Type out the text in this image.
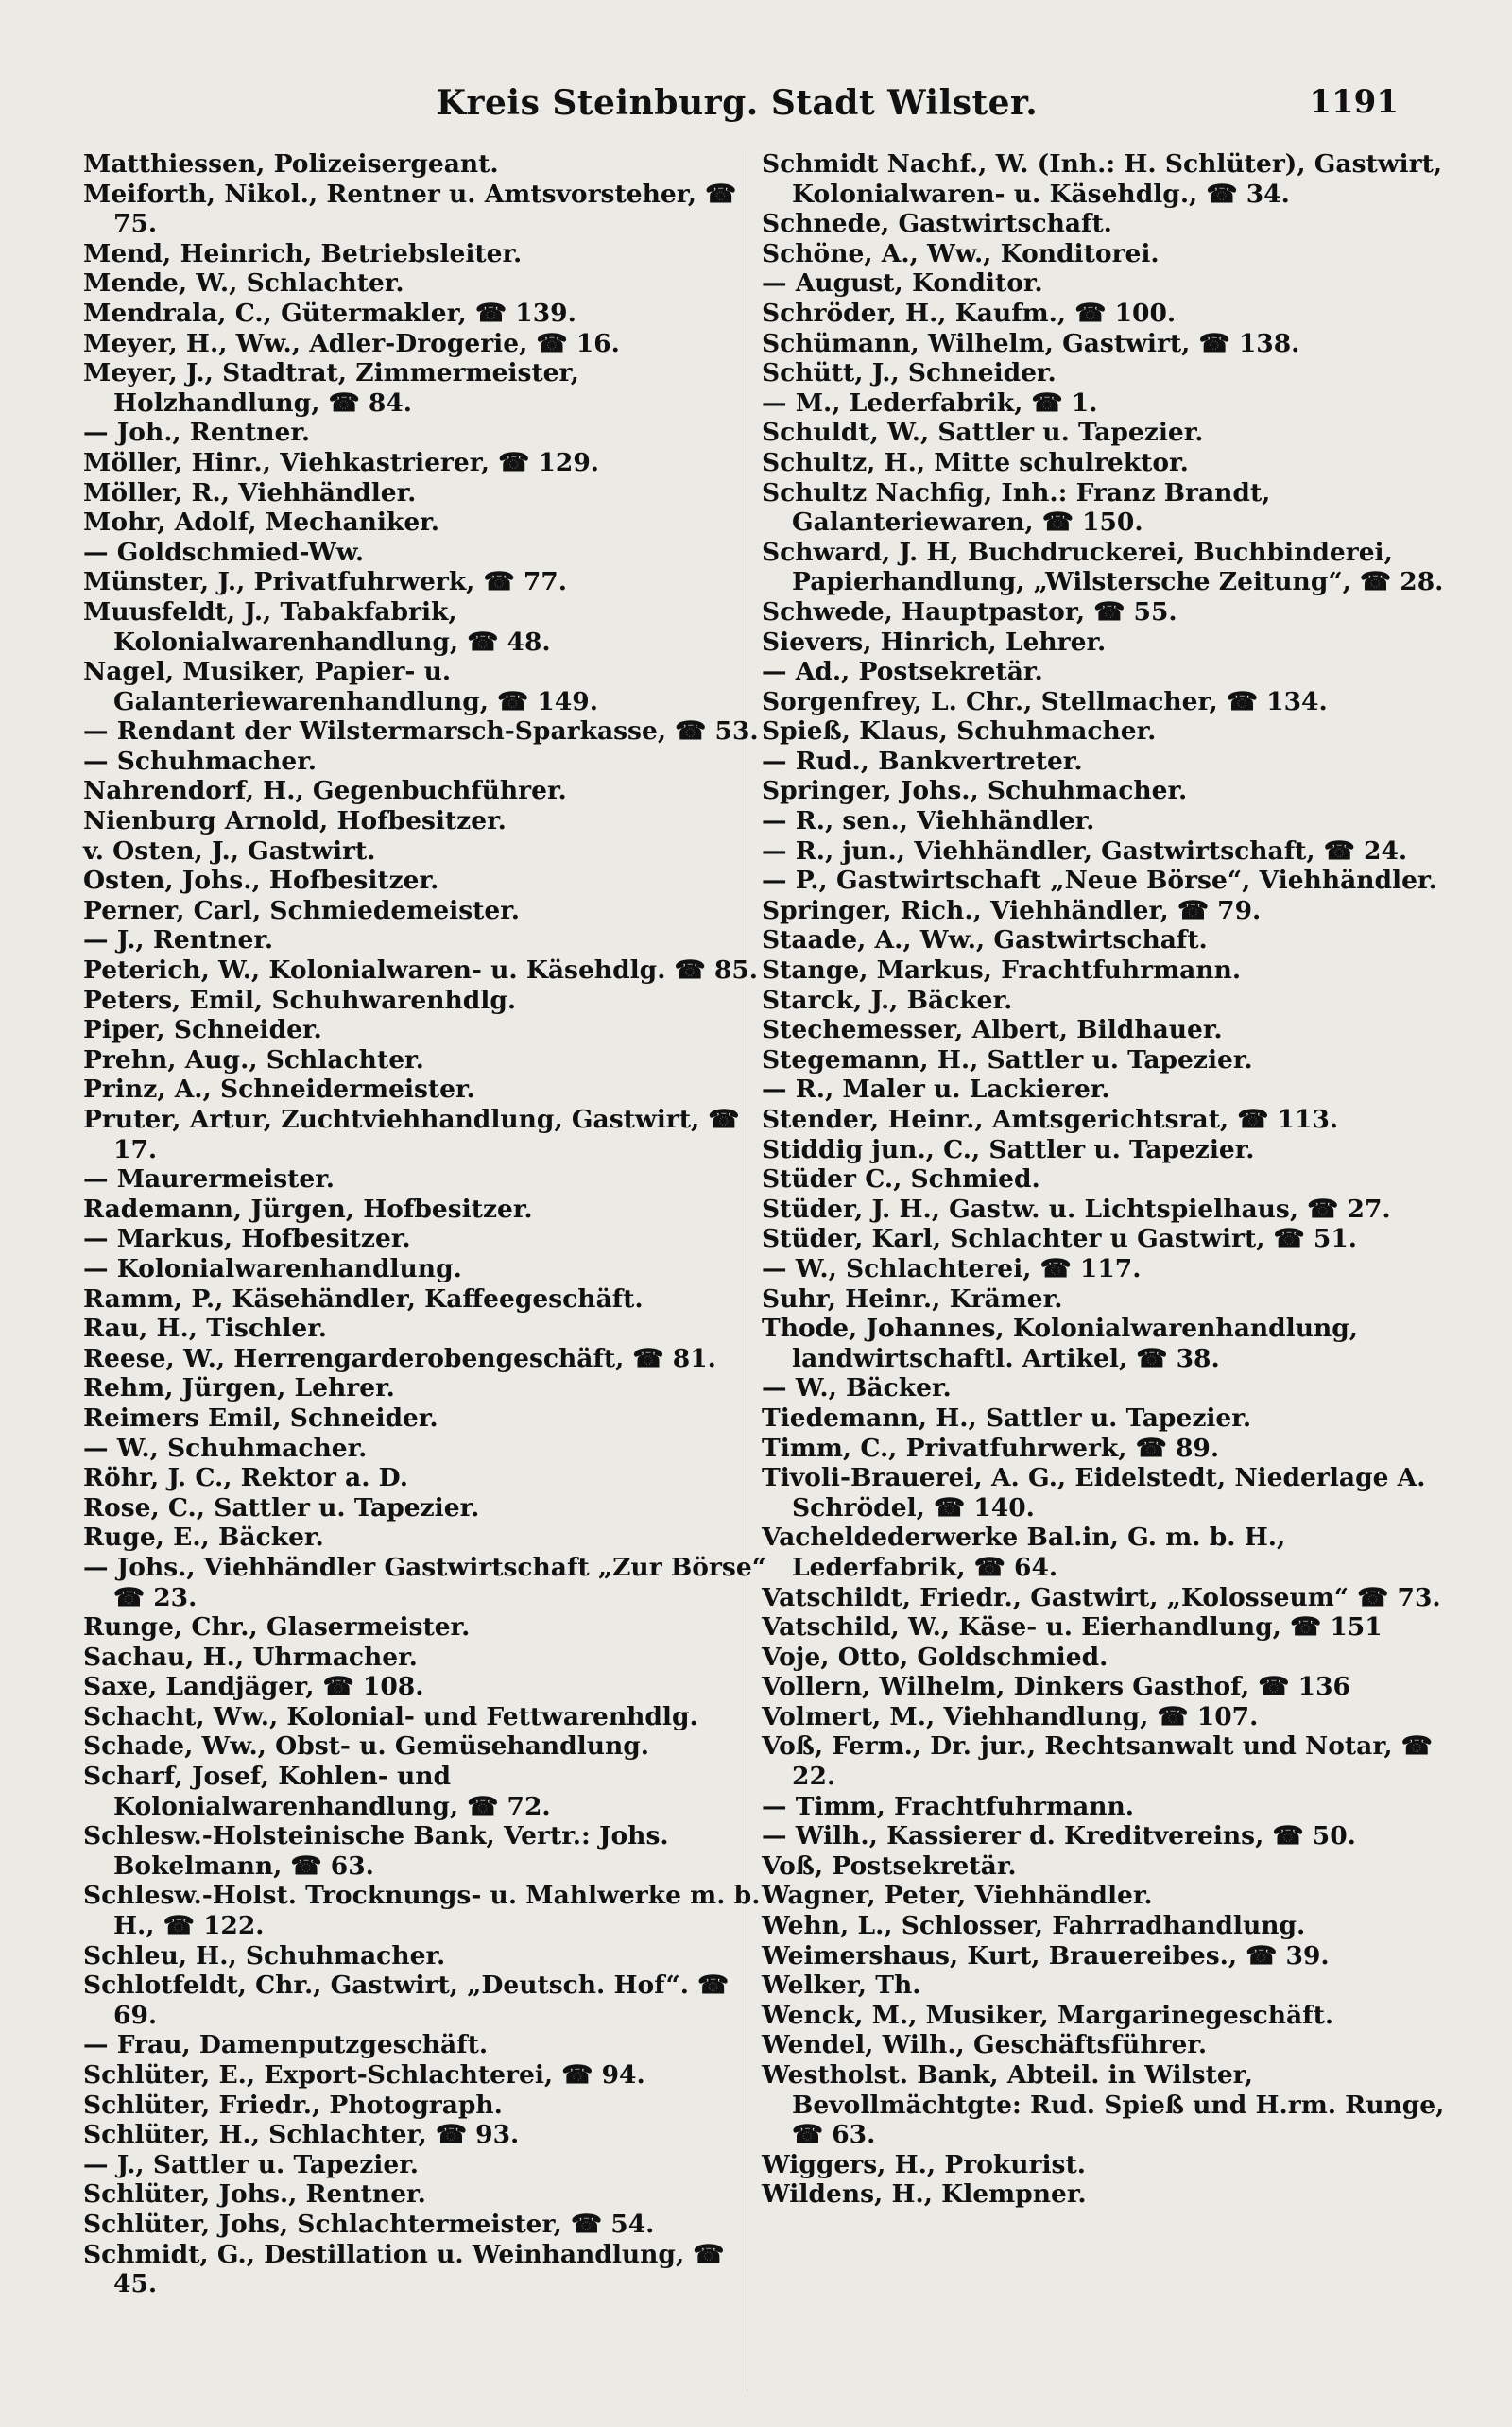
Kreis Steinburg. Stadt Wilster.	1191
Matthiessen, Polizeisergeant.
Meiforth, Nikol., Rentner u. Amtsvorsteher, ☎ 75.
Mend, Heinrich, Betriebsleiter.
Mende, W., Schlachter.
Mendrala, C., Gütermakler, ☎ 139.
Meyer, H., Ww., Adler-Drogerie, ☎ 16.
Meyer, J., Stadtrat, Zimmermeister, Holzhandlung, ☎ 84.
— Joh., Rentner.
Möller, Hinr., Viehkastrierer, ☎ 129.
Möller, R., Viehhändler.
Mohr, Adolf, Mechaniker.
— Goldschmied-Ww.
Münster, J., Privatfuhrwerk, ☎ 77.
Muusfeldt, J., Tabakfabrik, Kolonialwarenhandlung, ☎ 48.
Nagel, Musiker, Papier- u. Galanteriewarenhandlung, ☎ 149.
— Rendant der Wilstermarsch-Sparkasse, ☎ 53.
— Schuhmacher.
Nahrendorf, H., Gegenbuchführer.
Nienburg Arnold, Hofbesitzer.
v. Osten, J., Gastwirt.
Osten, Johs., Hofbesitzer.
Perner, Carl, Schmiedemeister.
— J., Rentner.
Peterich, W., Kolonialwaren- u. Käsehdlg. ☎ 85.
Peters, Emil, Schuhwarenhdlg.
Piper, Schneider.
Prehn, Aug., Schlachter.
Prinz, A., Schneidermeister.
Pruter, Artur, Zuchtviehhandlung, Gastwirt, ☎ 17.
— Maurermeister.
Rademann, Jürgen, Hofbesitzer.
— Markus, Hofbesitzer.
— Kolonialwarenhandlung.
Ramm, P., Käsehändler, Kaffeegeschäft.
Rau, H., Tischler.
Reese, W., Herrengarderobengeschäft, ☎ 81.
Rehm, Jürgen, Lehrer.
Reimers Emil, Schneider.
— W., Schuhmacher.
Röhr, J. C., Rektor a. D.
Rose, C., Sattler u. Tapezier.
Ruge, E., Bäcker.
— Johs., Viehhändler Gastwirtschaft „Zur Börse“ ☎ 23.
Runge, Chr., Glasermeister.
Sachau, H., Uhrmacher.
Saxe, Landjäger, ☎ 108.
Schacht, Ww., Kolonial- und Fettwarenhdlg.
Schade, Ww., Obst- u. Gemüsehandlung.
Scharf, Josef, Kohlen- und Kolonialwarenhandlung, ☎ 72.
Schlesw.-Holsteinische Bank, Vertr.: Johs. Bokelmann, ☎ 63.
Schlesw.-Holst. Trocknungs- u. Mahlwerke m. b. H., ☎ 122.
Schleu, H., Schuhmacher.
Schlotfeldt, Chr., Gastwirt, „Deutsch. Hof“. ☎ 69.
— Frau, Damenputzgeschäft.
Schlüter, E., Export-Schlachterei, ☎ 94.
Schlüter, Friedr., Photograph.
Schlüter, H., Schlachter, ☎ 93.
— J., Sattler u. Tapezier.
Schlüter, Johs., Rentner.
Schlüter, Johs, Schlachtermeister, ☎ 54.
Schmidt, G., Destillation u. Weinhandlung, ☎ 45.
Schmidt Nachf., W. (Inh.: H. Schlüter), Gastwirt, Kolonialwaren- u. Käsehdlg., ☎ 34.
Schnede, Gastwirtschaft.
Schöne, A., Ww., Konditorei.
— August, Konditor.
Schröder, H., Kaufm., ☎ 100.
Schümann, Wilhelm, Gastwirt, ☎ 138.
Schütt, J., Schneider.
— M., Lederfabrik, ☎ 1.
Schuldt, W., Sattler u. Tapezier.
Schultz, H., Mitte schulrektor.
Schultz Nachfig, Inh.: Franz Brandt, Galanteriewaren, ☎ 150.
Schward, J. H, Buchdruckerei, Buchbinderei, Papierhandlung, „Wilstersche Zeitung“, ☎ 28.
Schwede, Hauptpastor, ☎ 55.
Sievers, Hinrich, Lehrer.
— Ad., Postsekretär.
Sorgenfrey, L. Chr., Stellmacher, ☎ 134.
Spieß, Klaus, Schuhmacher.
— Rud., Bankvertreter.
Springer, Johs., Schuhmacher.
— R., sen., Viehhändler.
— R., jun., Viehhändler, Gastwirtschaft, ☎ 24.
— P., Gastwirtschaft „Neue Börse“, Viehhändler.
Springer, Rich., Viehhändler, ☎ 79.
Staade, A., Ww., Gastwirtschaft.
Stange, Markus, Frachtfuhrmann.
Starck, J., Bäcker.
Stechemesser, Albert, Bildhauer.
Stegemann, H., Sattler u. Tapezier.
— R., Maler u. Lackierer.
Stender, Heinr., Amtsgerichtsrat, ☎ 113.
Stiddig jun., C., Sattler u. Tapezier.
Stüder C., Schmied.
Stüder, J. H., Gastw. u. Lichtspielhaus, ☎ 27.
Stüder, Karl, Schlachter u Gastwirt, ☎ 51.
— W., Schlachterei, ☎ 117.
Suhr, Heinr., Krämer.
Thode, Johannes, Kolonialwarenhandlung, landwirtschaftl. Artikel, ☎ 38.
— W., Bäcker.
Tiedemann, H., Sattler u. Tapezier.
Timm, C., Privatfuhrwerk, ☎ 89.
Tivoli-Brauerei, A. G., Eidelstedt, Niederlage A. Schrödel, ☎ 140.
Vacheldederwerke Bal.in, G. m. b. H., Lederfabrik, ☎ 64.
Vatschildt, Friedr., Gastwirt, „Kolosseum“ ☎ 73.
Vatschild, W., Käse- u. Eierhandlung, ☎ 151
Voje, Otto, Goldschmied.
Vollern, Wilhelm, Dinkers Gasthof, ☎ 136
Volmert, M., Viehhandlung, ☎ 107.
Voß, Ferm., Dr. jur., Rechtsanwalt und Notar, ☎ 22.
— Timm, Frachtfuhrmann.
— Wilh., Kassierer d. Kreditvereins, ☎ 50.
Voß, Postsekretär.
Wagner, Peter, Viehhändler.
Wehn, L., Schlosser, Fahrradhandlung.
Weimershaus, Kurt, Brauereibes., ☎ 39.
Welker, Th.
Wenck, M., Musiker, Margarinegeschäft.
Wendel, Wilh., Geschäftsführer.
Westholst. Bank, Abteil. in Wilster, Bevollmächtgte: Rud. Spieß und H.rm. Runge, ☎ 63.
Wiggers, H., Prokurist.
Wildens, H., Klempner.
